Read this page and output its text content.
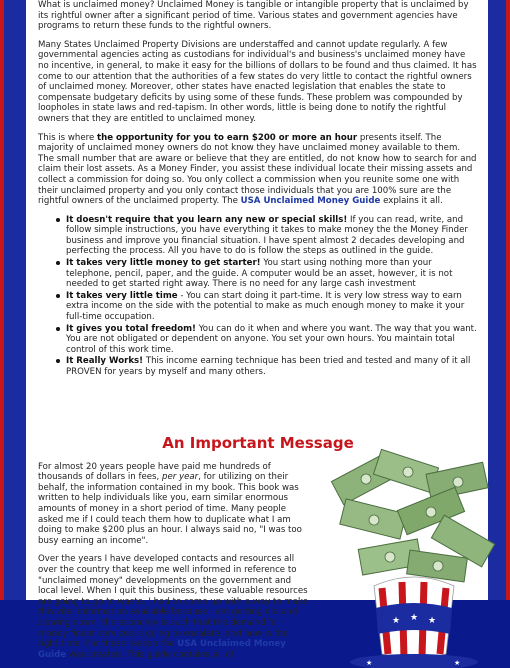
What is unclaimed money? Unclaimed Money is tangible or intangible property that is unclaimed by its rightful owner after a significant period of time. Various states and government agencies have programs to return these funds to the rightful owners.

Many States Unclaimed Property Divisions are understaffed and cannot update regularly. A few governmental agencies acting as custodians for individual's and business's unclaimed money have no incentive, in general, to make it easy for the billions of dollars to be found and thus claimed. It has come to our attention that the authorities of a few states do very little to contact the rightful owners of unclaimed money. Moreover, other states have enacted legislation that enables the state to compensate budgetary deficits by using some of these funds. These problem was compounded by loopholes in state laws and red-tapism. In other words, little is being done to notify the rightful owners that they are entitled to unclaimed money.

This is where the opportunity for you to earn $200 or more an hour presents itself. The majority of unclaimed money owners do not know they have unclaimed money available to them. The small number that are aware or believe that they are entitled, do not know how to search for and claim their lost assets. As a Money Finder, you assist these individual locate their missing assets and collect a commission for doing so. You only collect a commission when you reunite some one with their unclaimed property and you only contact those individuals that you are 100% sure are the rightful owners of the unclaimed property. The USA Unclaimed Money Guide explains it all.

It doesn't require that you learn any new or special skills! If you can read, write, and follow simple instructions, you have everything it takes to make money the the Money Finder business and improve you financial situation. I have spent almost 2 decades developing and perfecting the process. All you have to do is follow the steps as outlined in the guide.
It takes very little money to get starter! You start using nothing more than your telephone, pencil, paper, and the guide. A computer would be an asset, however, it is not needed to get started right away. There is no need for any large cash investment
It takes very little time - You can start doing it part-time. It is very low stress way to earn extra income on the side with the potential to make as much enough money to make it your full-time occupation.
It gives you total freedom! You can do it when and where you want. The way that you want. You are not obligated or dependent on anyone. You set your own hours. You maintain total control of this work time.
It Really Works! This income earning technique has been tried and tested and many of it all PROVEN for years by myself and many others.
An Important Message

For almost 20 years people have paid me hundreds of thousands of dollars in fees, per year, for utilizing on their behalf, the information contained in my book. This book was written to help individuals like you, earn similar enormous amounts of money in a short period of time. Many people asked me if I could teach them how to duplicate what I am doing to make $200 plus an hour. I always said no, "I was too busy earning an income".

Over the years I have developed contacts and resources all over the country that keep me well informed in reference to "unclaimed money" developments on the government and local level. When I quit this business, these valuable resources are going to go to waste. I had to come up with a way to make this vital information available because I am getting old and slowing down, the economy is such that the demand for money finder services is going to escalate, and now is the right time. For these reason the USA Unclaimed Money Guide was created. This guide contains all of

★ ★ ★
★	★
